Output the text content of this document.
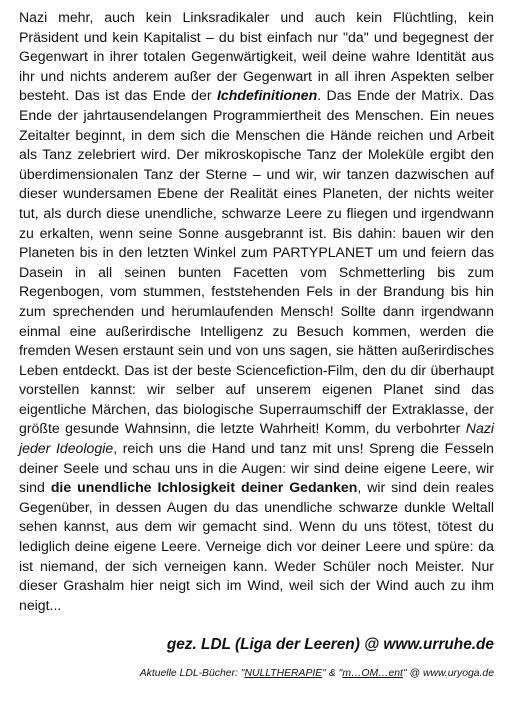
Nazi mehr, auch kein Linksradikaler und auch kein Flüchtling, kein Präsident und kein Kapitalist – du bist einfach nur "da" und begegnest der Gegenwart in ihrer totalen Gegenwärtigkeit, weil deine wahre Identität aus ihr und nichts anderem außer der Gegenwart in all ihren Aspekten selber besteht. Das ist das Ende der Ichdefinitionen. Das Ende der Matrix. Das Ende der jahrtausendelangen Programmiertheit des Menschen. Ein neues Zeitalter beginnt, in dem sich die Menschen die Hände reichen und Arbeit als Tanz zelebriert wird. Der mikroskopische Tanz der Moleküle ergibt den überdimensionalen Tanz der Sterne – und wir, wir tanzen dazwischen auf dieser wundersamen Ebene der Realität eines Planeten, der nichts weiter tut, als durch diese unendliche, schwarze Leere zu fliegen und irgendwann zu erkalten, wenn seine Sonne ausgebrannt ist. Bis dahin: bauen wir den Planeten bis in den letzten Winkel zum PARTYPLANET um und feiern das Dasein in all seinen bunten Facetten vom Schmetterling bis zum Regenbogen, vom stummen, feststehenden Fels in der Brandung bis hin zum sprechenden und herumlaufenden Mensch! Sollte dann irgendwann einmal eine außerirdische Intelligenz zu Besuch kommen, werden die fremden Wesen erstaunt sein und von uns sagen, sie hätten außerirdisches Leben entdeckt. Das ist der beste Sciencefiction-Film, den du dir überhaupt vorstellen kannst: wir selber auf unserem eigenen Planet sind das eigentliche Märchen, das biologische Superraumschiff der Extraklasse, der größte gesunde Wahnsinn, die letzte Wahrheit! Komm, du verbohrter Nazi jeder Ideologie, reich uns die Hand und tanz mit uns! Spreng die Fesseln deiner Seele und schau uns in die Augen: wir sind deine eigene Leere, wir sind die unendliche Ichlosigkeit deiner Gedanken, wir sind dein reales Gegenüber, in dessen Augen du das unendliche schwarze dunkle Weltall sehen kannst, aus dem wir gemacht sind. Wenn du uns tötest, tötest du lediglich deine eigene Leere. Verneige dich vor deiner Leere und spüre: da ist niemand, der sich verneigen kann. Weder Schüler noch Meister. Nur dieser Grashalm hier neigt sich im Wind, weil sich der Wind auch zu ihm neigt...

gez. LDL (Liga der Leeren) @ www.urruhe.de
Aktuelle LDL-Bücher: "NULLTHERAPIE" & "m…OM…ent" @ www.uryoga.de
